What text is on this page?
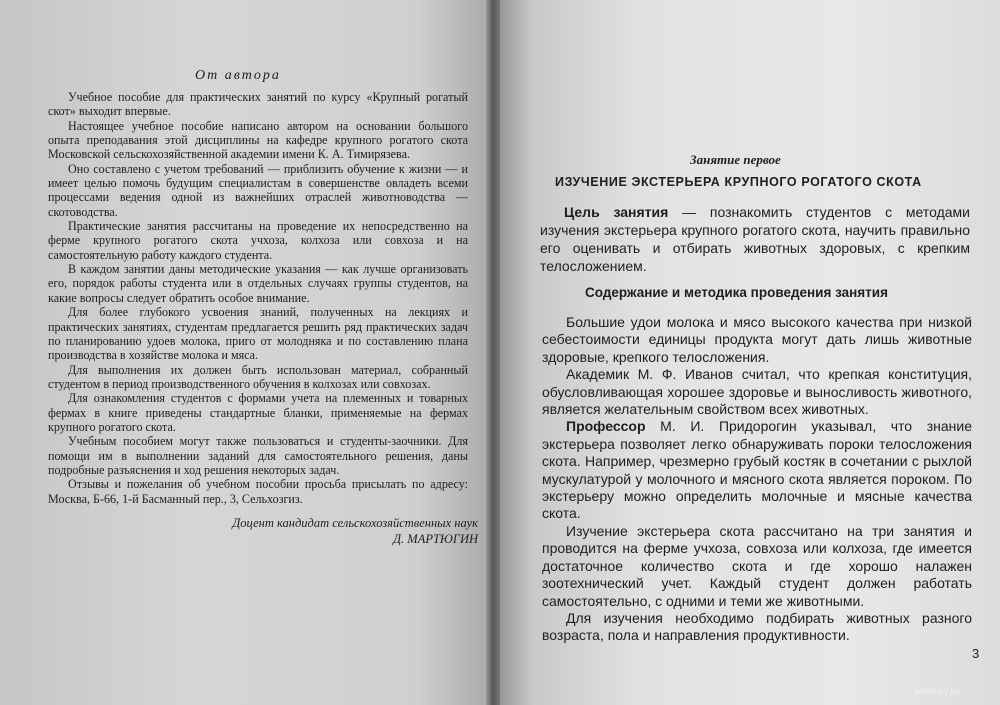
От автора

Учебное пособие для практических занятий по курсу «Крупный рогатый скот» выходит впервые.

Настоящее учебное пособие написано автором на основании большого опыта преподавания этой дисциплины на кафедре крупного рогатого скота Московской сельскохозяйственной академии имени К. А. Тимирязева.

Оно составлено с учетом требований — приблизить обучение к жизни — и имеет целью помочь будущим специалистам в совершенстве овладеть всеми процессами ведения одной из важнейших отраслей животноводства — скотоводства.

Практические занятия рассчитаны на проведение их непосредственно на ферме крупного рогатого скота учхоза, колхоза или совхоза и на самостоятельную работу каждого студента.

В каждом занятии даны методические указания — как лучше организовать его, порядок работы студента или в отдельных случаях группы студентов, на какие вопросы следует обратить особое внимание.

Для более глубокого усвоения знаний, полученных на лекциях и практических занятиях, студентам предлагается решить ряд практических задач по планированию удоев молока, приго от молодняка и по составлению плана производства в хозяйстве молока и мяса.

Для выполнения их должен быть использован материал, собранный студентом в период производственного обучения в колхозах или совхозах.

Для ознакомления студентов с формами учета на племенных и товарных фермах в книге приведены стандартные бланки, применяемые на фермах крупного рогатого скота.

Учебным пособием могут также пользоваться и студенты-заочники. Для помощи им в выполнении заданий для самостоятельного решения, даны подробные разъяснения и ход решения некоторых задач.

Отзывы и пожелания об учебном пособии просьба присылать по адресу: Москва, Б-66, 1-й Басманный пер., 3, Сельхозгиз.

Доцент кандидат сельскохозяйственных наук
Д. МАРТЮГИН
Занятие первое
ИЗУЧЕНИЕ ЭКСТЕРЬЕРА КРУПНОГО РОГАТОГО СКОТА

Цель занятия — познакомить студентов с методами изучения экстерьера крупного рогатого скота, научить правильно его оценивать и отбирать животных здоровых, с крепким телосложением.

Содержание и методика проведения занятия

Большие удои молока и мясо высокого качества при низкой себестоимости единицы продукта могут дать лишь животные здоровые, крепкого телосложения.

Академик М. Ф. Иванов считал, что крепкая конституция, обусловливающая хорошее здоровье и выносливость животного, является желательным свойством всех животных.

Профессор М. И. Придорогин указывал, что знание экстерьера позволяет легко обнаруживать пороки телосложения скота. Например, чрезмерно грубый костяк в сочетании с рыхлой мускулатурой у молочного и мясного скота является пороком. По экстерьеру можно определить молочные и мясные качества скота.

Изучение экстерьера скота рассчитано на три занятия и проводится на ферме учхоза, совхоза или колхоза, где имеется достаточное количество скота и где хорошо налажен зоотехнический учет. Каждый студент должен работать самостоятельно, с одними и теми же животными.

Для изучения необходимо подбирать животных разного возраста, пола и направления продуктивности.

3
www.ay.by
